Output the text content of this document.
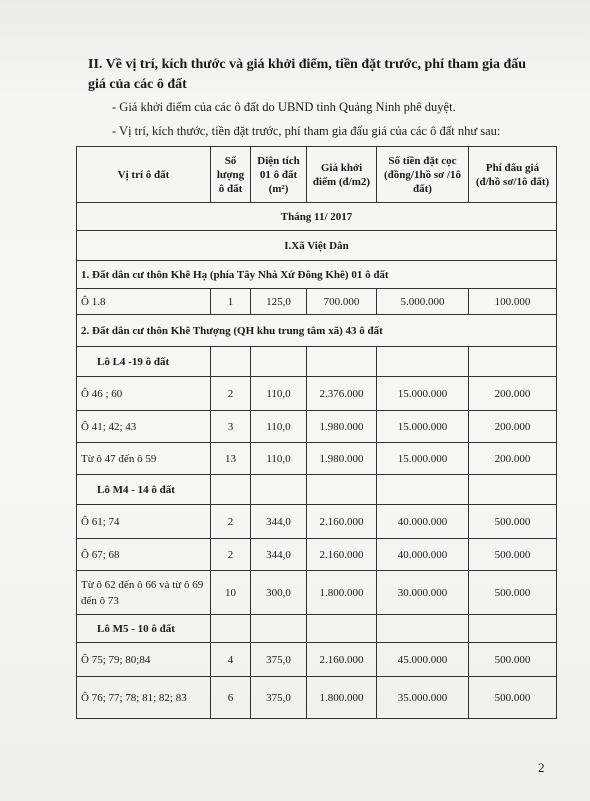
II. Về vị trí, kích thước và giá khởi điểm, tiền đặt trước, phí tham gia đấu giá của các ô đất
- Giá khởi điểm của các ô đất do UBND tỉnh Quảng Ninh phê duyệt.
- Vị trí, kích thước, tiền đặt trước, phí tham gia đấu giá của các ô đất như sau:
Vị trí ô đất	Số lượng ô đất	Diện tích 01 ô đất (m²)	Giá khởi điểm (đ/m2)	Số tiền đặt cọc (đồng/1hồ sơ /1ô đất)	Phí đấu giá (đ/hồ sơ/1ô đất)
Tháng 11/ 2017					
I.Xã Việt Dân					
1. Đất dân cư thôn Khê Hạ (phía Tây Nhà Xứ Đông Khê) 01 ô đất					
Ô 1.8	1	125,0	700.000	5.000.000	100.000
2. Đất dân cư thôn Khê Thượng (QH khu trung tâm xã) 43 ô đất					
Lô L4 -19 ô đất					
Ô 46 ; 60	2	110,0	2.376.000	15.000.000	200.000
Ô 41; 42; 43	3	110,0	1.980.000	15.000.000	200.000
Từ ô 47 đến ô 59	13	110,0	1.980.000	15.000.000	200.000
Lô M4 - 14 ô đất					
Ô 61; 74	2	344,0	2.160.000	40.000.000	500.000
Ô 67; 68	2	344,0	2.160.000	40.000.000	500.000
Từ ô 62 đến ô 66 và từ ô 69 đến ô 73	10	300,0	1.800.000	30.000.000	500.000
Lô M5 - 10 ô đất					
Ô 75; 79; 80;84	4	375,0	2.160.000	45.000.000	500.000
Ô 76; 77; 78; 81; 82; 83	6	375,0	1.800.000	35.000.000	500.000
2
